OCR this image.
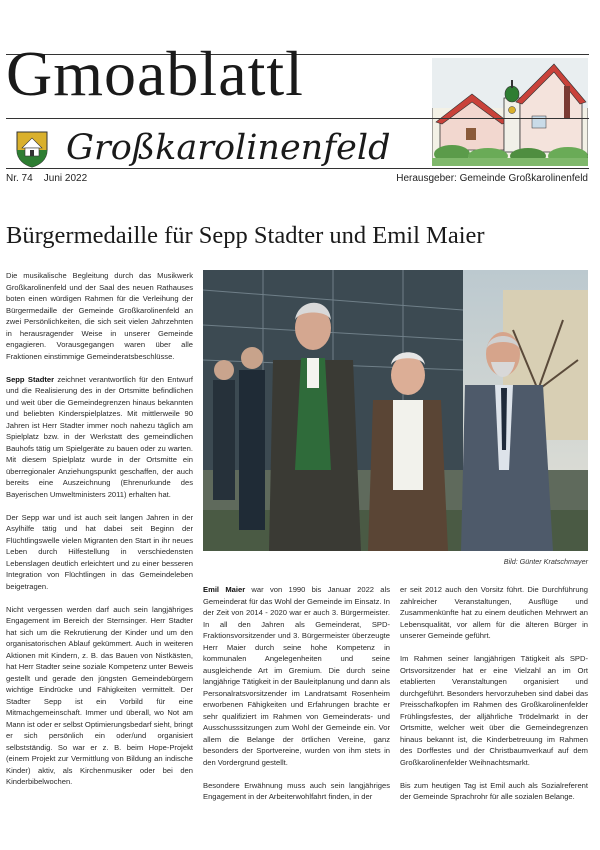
Gmoablattl
Großkarolinenfeld
Nr. 74    Juni 2022	Herausgeber: Gemeinde Großkarolinenfeld
Bürgermedaille für Sepp Stadter und Emil Maier

Die musikalische Begleitung durch das Musikwerk Großkarolinenfeld und der Saal des neuen Rathauses boten einen würdigen Rahmen für die Verleihung der Bürgermedaille der Gemeinde Großkarolinenfeld an zwei Persönlichkeiten, die sich seit vielen Jahrzehnten in herausragender Weise in unserer Gemeinde engagieren. Vorausgegangen waren über alle Fraktionen einstimmige Gemeinderatsbeschlüsse.

Sepp Stadter zeichnet verantwortlich für den Entwurf und die Realisierung des in der Ortsmitte befindlichen und weit über die Gemeindegrenzen hinaus bekannten und beliebten Kinderspielplatzes. Mit mittlerweile 90 Jahren ist Herr Stadter immer noch nahezu täglich am Spielplatz bzw. in der Werkstatt des gemeindlichen Bauhofs tätig um Spielgeräte zu bauen oder zu warten. Mit diesem Spielplatz wurde in der Ortsmitte ein überregionaler Anziehungspunkt geschaffen, der auch bereits eine Auszeichnung (Ehrenurkunde des Bayerischen Umweltministers 2011) erhalten hat.

Der Sepp war und ist auch seit langen Jahren in der Asylhilfe tätig und hat dabei seit Beginn der Flüchtlingswelle vielen Migranten den Start in ihr neues Leben durch Hilfestellung in verschiedensten Lebenslagen deutlich erleichtert und zu einer besseren Integration von Flüchtlingen in das Gemeindeleben beigetragen.

Nicht vergessen werden darf auch sein langjähriges Engagement im Bereich der Sternsinger. Herr Stadter hat sich um die Rekrutierung der Kinder und um den organisatorischen Ablauf gekümmert. Auch in weiteren Aktionen mit Kindern, z. B. das Bauen von Nistkästen, hat Herr Stadter seine soziale Kompetenz unter Beweis gestellt und gerade den jüngsten Gemeindebürgern wichtige Eindrücke und Fähigkeiten vermittelt. Der Stadter Sepp ist ein Vorbild für eine Mitmachgemeinschaft. Immer und überall, wo Not am Mann ist oder er selbst Optimierungsbedarf sieht, bringt er sich persönlich ein oder/und organisiert selbstständig. So war er z. B. beim Hope-Projekt (einem Projekt zur Vermittlung von Bildung an indische Kinder) aktiv, als Kirchenmusiker oder bei den Kinderbibelwochen.

Bild: Günter Kratschmayer

Emil Maier war von 1990 bis Januar 2022 als Gemeinderat für das Wohl der Gemeinde im Einsatz. In der Zeit von 2014 - 2020 war er auch 3. Bürgermeister. In all den Jahren als Gemeinderat, SPD-Fraktionsvorsitzender und 3. Bürgermeister überzeugte Herr Maier durch seine hohe Kompetenz in kommunalen Angelegenheiten und seine ausgleichende Art im Gremium. Die durch seine langjährige Tätigkeit in der Bauleitplanung und dann als Personalratsvorsitzender im Landratsamt Rosenheim erworbenen Fähigkeiten und Erfahrungen brachte er sehr qualifiziert im Rahmen von Gemeinderats- und Ausschusssitzungen zum Wohl der Gemeinde ein. Vor allem die Belange der örtlichen Vereine, ganz besonders der Sportvereine, wurden von ihm stets in den Vordergrund gestellt.

Besondere Erwähnung muss auch sein langjähriges Engagement in der Arbeiterwohlfahrt finden, in der

er seit 2012 auch den Vorsitz führt. Die Durchführung zahlreicher Veranstaltungen, Ausflüge und Zusammenkünfte hat zu einem deutlichen Mehrwert an Lebensqualität, vor allem für die älteren Bürger in unserer Gemeinde geführt.

Im Rahmen seiner langjährigen Tätigkeit als SPD-Ortsvorsitzender hat er eine Vielzahl an im Ort etablierten Veranstaltungen organisiert und durchgeführt. Besonders hervorzuheben sind dabei das Preisschafkopfen im Rahmen des Großkarolinenfelder Frühlingsfestes, der alljährliche Trödelmarkt in der Ortsmitte, welcher weit über die Gemeindegrenzen hinaus bekannt ist, die Kinderbetreuung im Rahmen des Dorffestes und der Christbaumverkauf auf dem Großkarolinenfelder Weihnachtsmarkt.

Bis zum heutigen Tag ist Emil auch als Sozialreferent der Gemeinde Sprachrohr für alle sozialen Belange.
